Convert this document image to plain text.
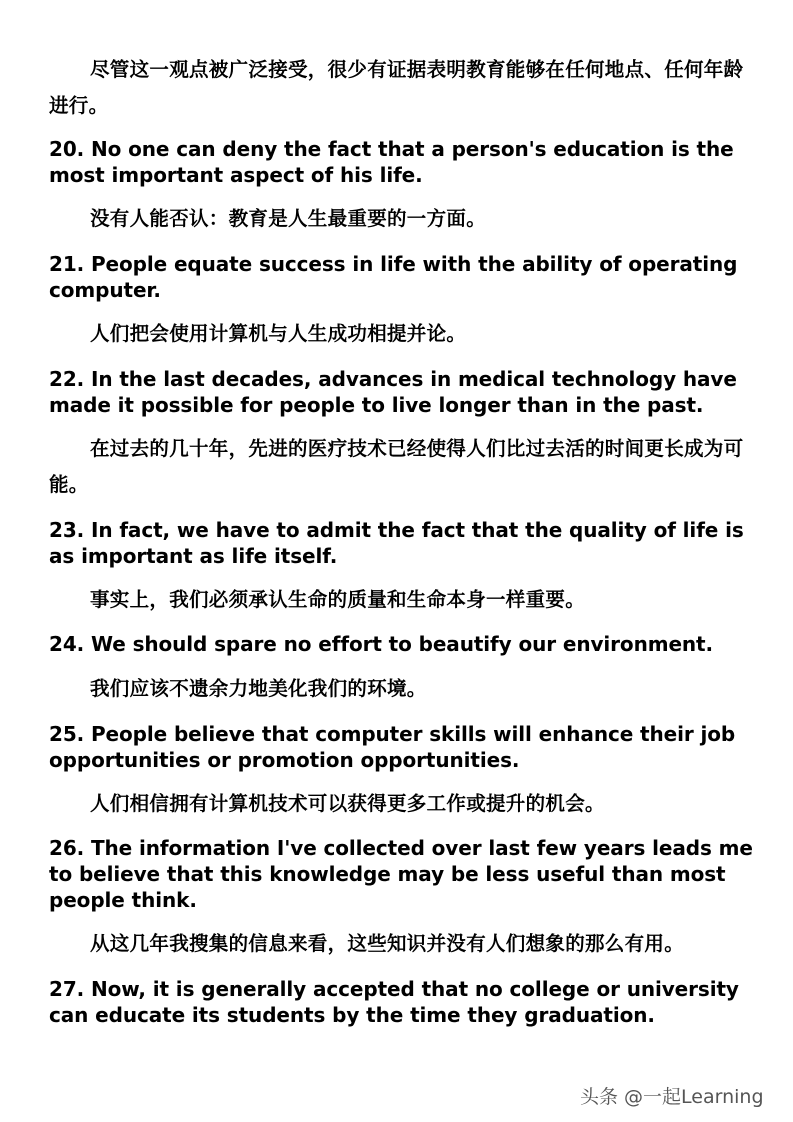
尽管这一观点被广泛接受，很少有证据表明教育能够在任何地点、任何年龄进行。

20. No one can deny the fact that a person's education is the most important aspect of his life.

没有人能否认：教育是人生最重要的一方面。

21. People equate success in life with the ability of operating computer.

人们把会使用计算机与人生成功相提并论。

22. In the last decades, advances in medical technology have made it possible for people to live longer than in the past.

在过去的几十年，先进的医疗技术已经使得人们比过去活的时间更长成为可能。

23. In fact, we have to admit the fact that the quality of life is as important as life itself.

事实上，我们必须承认生命的质量和生命本身一样重要。

24. We should spare no effort to beautify our environment.

我们应该不遗余力地美化我们的环境。

25. People believe that computer skills will enhance their job opportunities or promotion opportunities.

人们相信拥有计算机技术可以获得更多工作或提升的机会。

26. The information I've collected over last few years leads me to believe that this knowledge may be less useful than most people think.

从这几年我搜集的信息来看，这些知识并没有人们想象的那么有用。

27. Now, it is generally accepted that no college or university can educate its students by the time they graduation.

头条 @一起Learning
